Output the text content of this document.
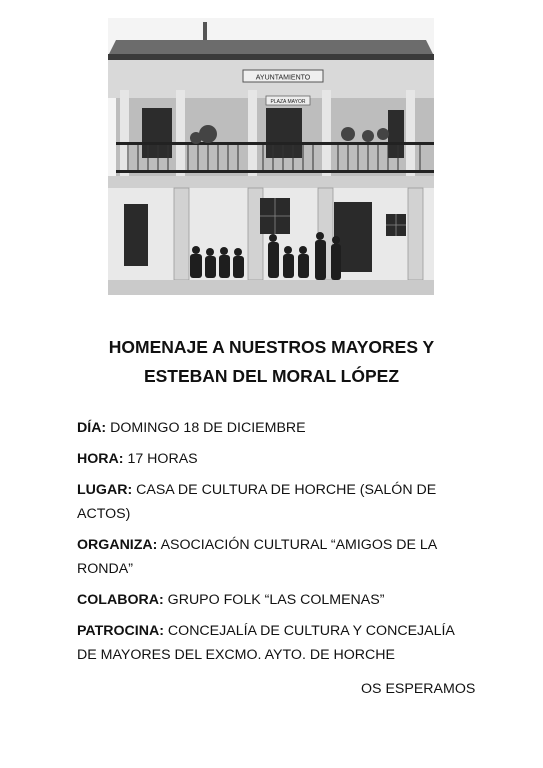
AYUNTAMIENTO
PLAZA MAYOR
HOMENAJE A NUESTROS MAYORES Y
ESTEBAN DEL MORAL LÓPEZ
DÍA: DOMINGO 18 DE DICIEMBRE
HORA: 17 HORAS
LUGAR: CASA DE CULTURA DE HORCHE (SALÓN DE ACTOS)
ORGANIZA: ASOCIACIÓN CULTURAL “AMIGOS DE LA RONDA”
COLABORA: GRUPO FOLK “LAS COLMENAS”
PATROCINA: CONCEJALÍA DE CULTURA Y CONCEJALÍA DE MAYORES DEL EXCMO. AYTO. DE HORCHE
OS ESPERAMOS
